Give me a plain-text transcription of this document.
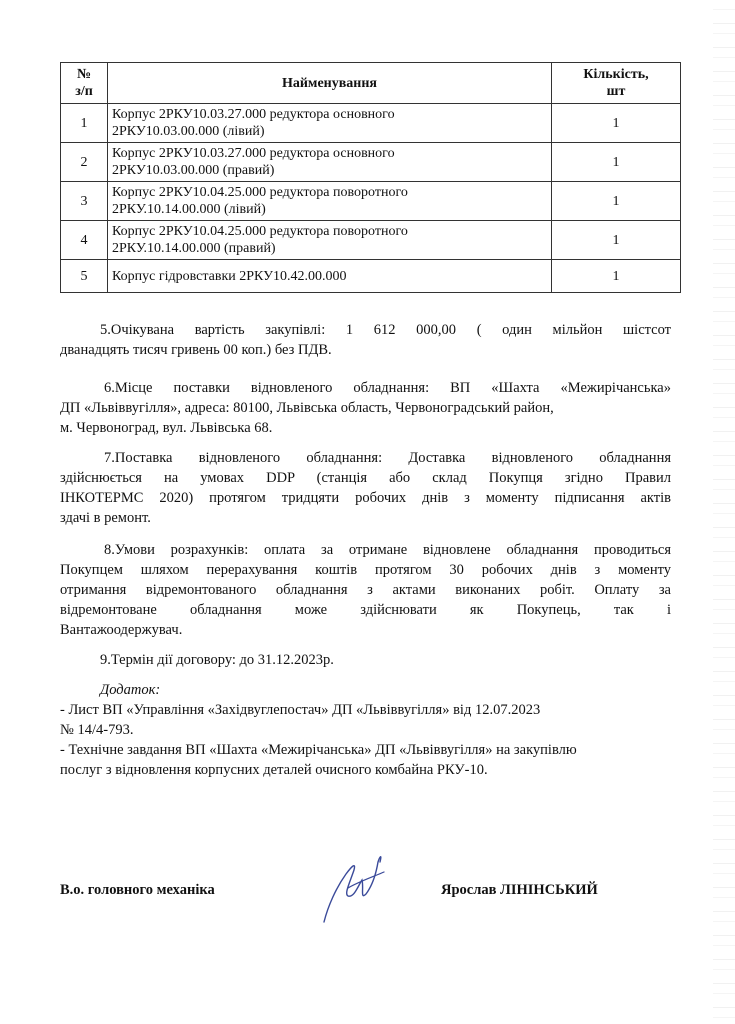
№
з/п	Найменування	Кількість,
шт
1	Корпус 2РКУ10.03.27.000 редуктора основного
2РКУ10.03.00.000 (лівий)	1
2	Корпус 2РКУ10.03.27.000 редуктора основного
2РКУ10.03.00.000 (правий)	1
3	Корпус 2РКУ10.04.25.000 редуктора поворотного
2РКУ.10.14.00.000 (лівий)	1
4	Корпус 2РКУ10.04.25.000 редуктора поворотного
2РКУ.10.14.00.000 (правий)	1
5	Корпус гідровставки 2РКУ10.42.00.000	1
5.Очікувана вартість закупівлі: 1 612 000,00 ( один мільйон шістсот
дванадцять тисяч гривень 00 коп.) без ПДВ.
6.Місце поставки відновленого обладнання: ВП «Шахта «Межирічанська»
ДП «Львіввугілля», адреса: 80100, Львівська область, Червоноградський район,
м. Червоноград, вул. Львівська 68.
7.Поставка відновленого обладнання: Доставка відновленого обладнання
здійснюється на умовах DDP (станція або склад Покупця згідно Правил
ІНКОТЕРМС 2020) протягом тридцяти робочих днів з моменту підписання актів
здачі в ремонт.
8.Умови розрахунків: оплата за отримане відновлене обладнання проводиться
Покупцем шляхом перерахування коштів протягом 30 робочих днів з моменту
отримання відремонтованого обладнання з актами виконаних робіт. Оплату за
відремонтоване обладнання може здійснювати як Покупець, так і
Вантажоодержувач.
9.Термін дії договору: до 31.12.2023р.
Додаток:
- Лист ВП «Управління «Західвуглепостач» ДП «Львіввугілля» від 12.07.2023
№ 14/4-793.
- Технічне завдання ВП «Шахта «Межирічанська» ДП «Львіввугілля» на закупівлю
послуг з відновлення корпусних деталей очисного комбайна РКУ-10.
В.о. головного механіка	Ярослав ЛІНІНСЬКИЙ
